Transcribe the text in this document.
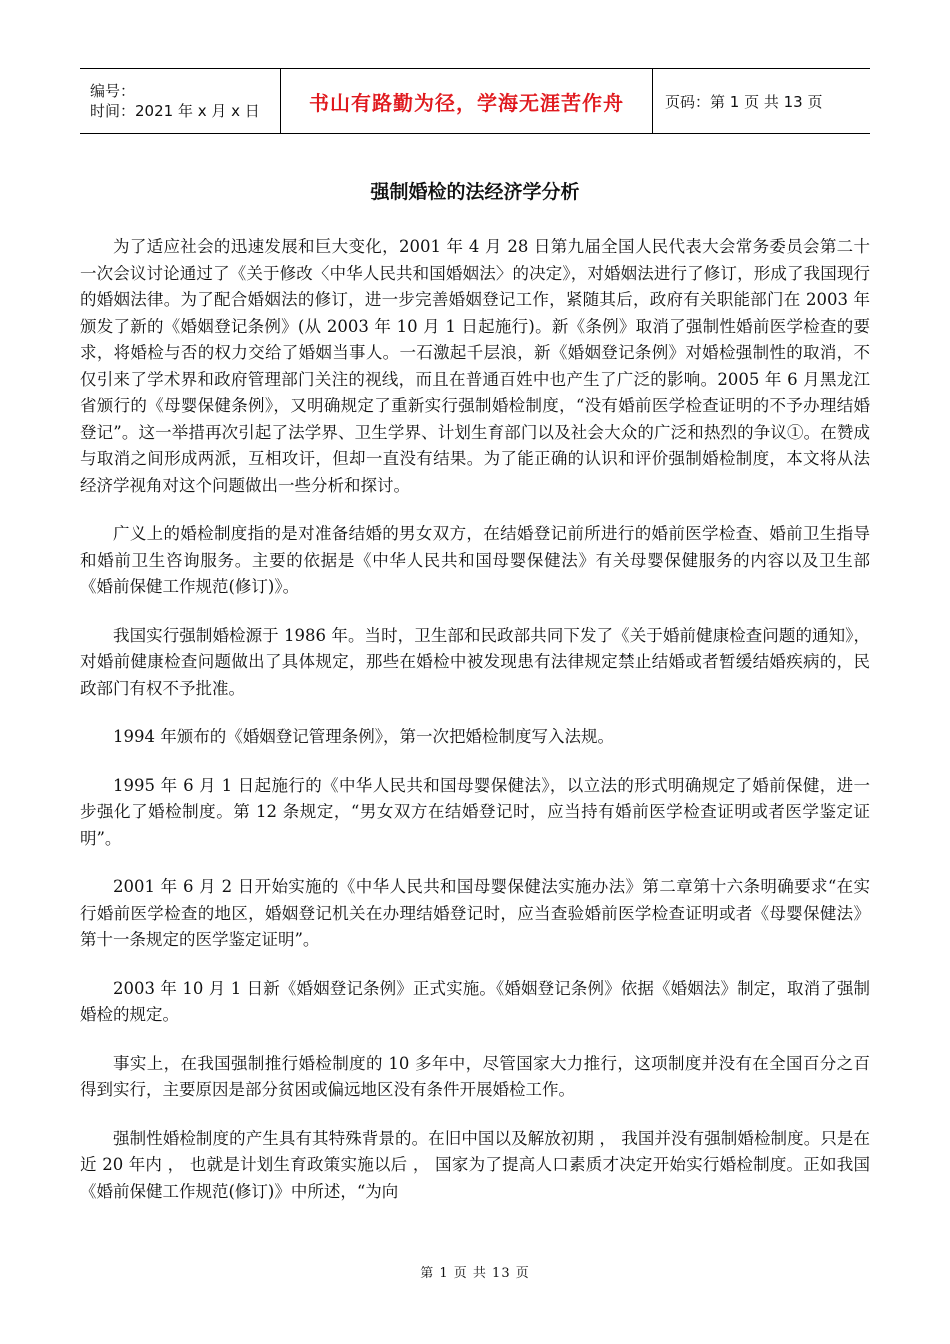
编号：
时间：2021 年 x 月 x 日	书山有路勤为径，学海无涯苦作舟	页码：第 1 页 共 13 页
强制婚检的法经济学分析

为了适应社会的迅速发展和巨大变化，2001 年 4 月 28 日第九届全国人民代表大会常务委员会第二十一次会议讨论通过了《关于修改〈中华人民共和国婚姻法〉的决定》，对婚姻法进行了修订，形成了我国现行的婚姻法律。为了配合婚姻法的修订，进一步完善婚姻登记工作，紧随其后，政府有关职能部门在 2003 年颁发了新的《婚姻登记条例》(从 2003 年 10 月 1 日起施行)。新《条例》取消了强制性婚前医学检查的要求，将婚检与否的权力交给了婚姻当事人。一石激起千层浪，新《婚姻登记条例》对婚检强制性的取消，不仅引来了学术界和政府管理部门关注的视线，而且在普通百姓中也产生了广泛的影响。2005 年 6 月黑龙江省颁行的《母婴保健条例》，又明确规定了重新实行强制婚检制度，“没有婚前医学检查证明的不予办理结婚登记”。这一举措再次引起了法学界、卫生学界、计划生育部门以及社会大众的广泛和热烈的争议①。在赞成与取消之间形成两派，互相攻讦，但却一直没有结果。为了能正确的认识和评价强制婚检制度，本文将从法经济学视角对这个问题做出一些分析和探讨。

广义上的婚检制度指的是对准备结婚的男女双方，在结婚登记前所进行的婚前医学检查、婚前卫生指导和婚前卫生咨询服务。主要的依据是《中华人民共和国母婴保健法》有关母婴保健服务的内容以及卫生部《婚前保健工作规范(修订)》。

我国实行强制婚检源于 1986 年。当时，卫生部和民政部共同下发了《关于婚前健康检查问题的通知》，对婚前健康检查问题做出了具体规定，那些在婚检中被发现患有法律规定禁止结婚或者暂缓结婚疾病的，民政部门有权不予批准。

1994 年颁布的《婚姻登记管理条例》，第一次把婚检制度写入法规。

1995 年 6 月 1 日起施行的《中华人民共和国母婴保健法》，以立法的形式明确规定了婚前保健，进一步强化了婚检制度。第 12 条规定，“男女双方在结婚登记时，应当持有婚前医学检查证明或者医学鉴定证明”。

2001 年 6 月 2 日开始实施的《中华人民共和国母婴保健法实施办法》第二章第十六条明确要求“在实行婚前医学检查的地区，婚姻登记机关在办理结婚登记时，应当查验婚前医学检查证明或者《母婴保健法》第十一条规定的医学鉴定证明”。

2003 年 10 月 1 日新《婚姻登记条例》正式实施。《婚姻登记条例》依据《婚姻法》制定，取消了强制婚检的规定。

事实上，在我国强制推行婚检制度的 10 多年中，尽管国家大力推行，这项制度并没有在全国百分之百得到实行，主要原因是部分贫困或偏远地区没有条件开展婚检工作。

强制性婚检制度的产生具有其特殊背景的。在旧中国以及解放初期 ， 我国并没有强制婚检制度。只是在近 20 年内 ， 也就是计划生育政策实施以后 ， 国家为了提高人口素质才决定开始实行婚检制度。正如我国《婚前保健工作规范(修订)》中所述，“为向

第 1 页 共 13 页
